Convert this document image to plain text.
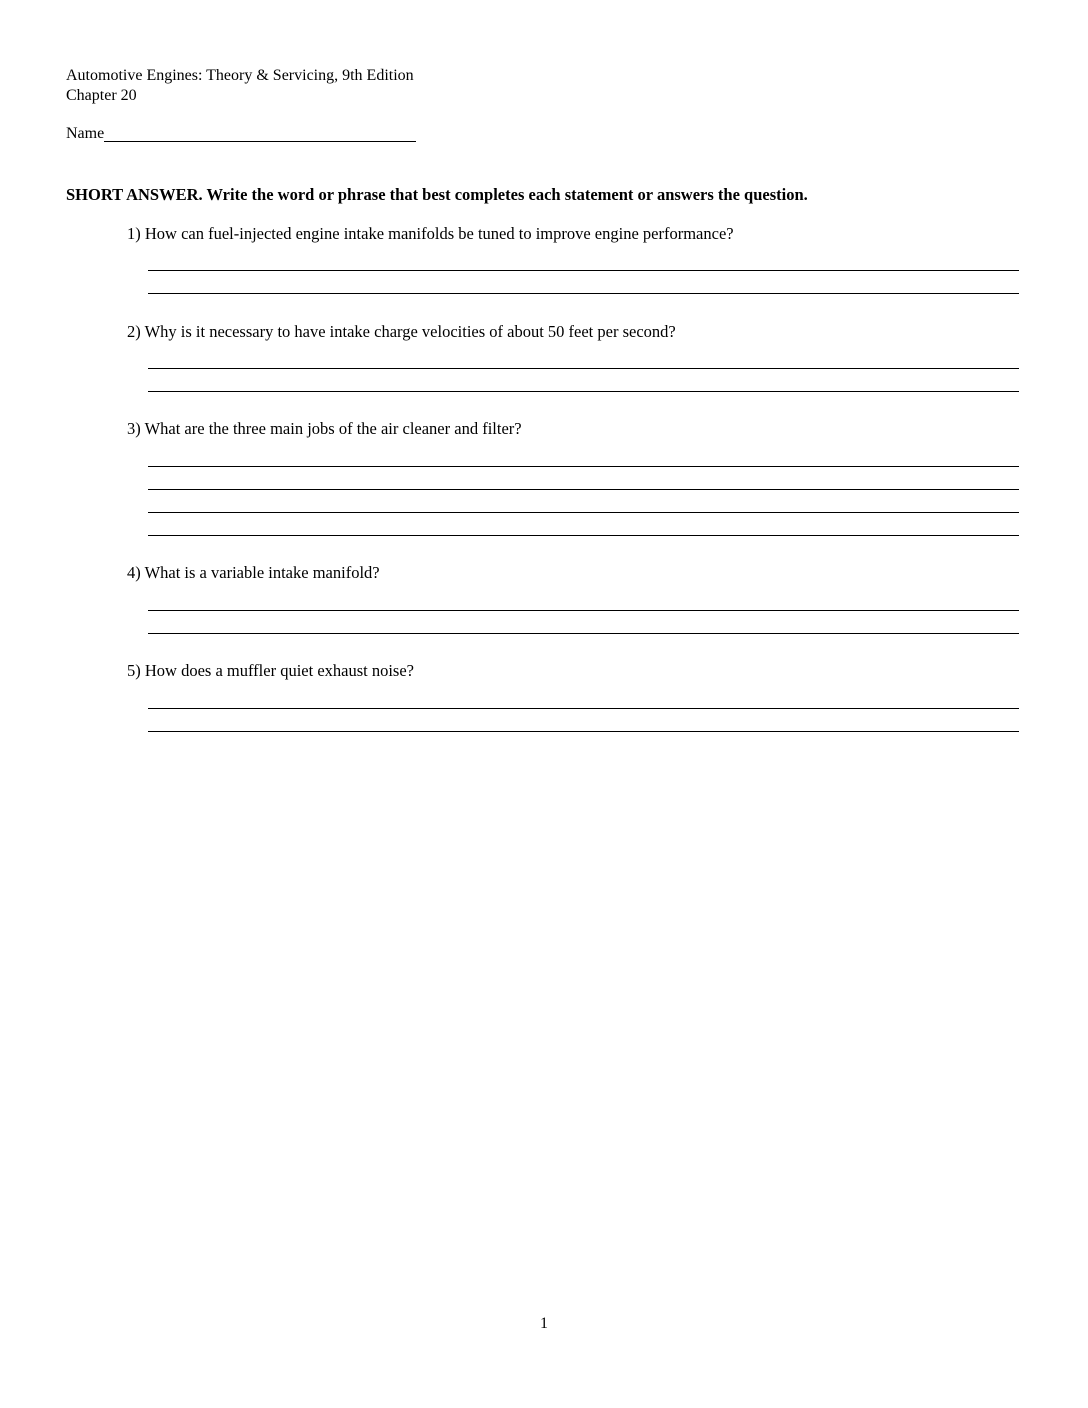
Automotive Engines: Theory & Servicing, 9th Edition
Chapter 20
Name
SHORT ANSWER. Write the word or phrase that best completes each statement or answers the question.
1) How can fuel-injected engine intake manifolds be tuned to improve engine performance?
2) Why is it necessary to have intake charge velocities of about 50 feet per second?
3) What are the three main jobs of the air cleaner and filter?
4) What is a variable intake manifold?
5) How does a muffler quiet exhaust noise?
1
